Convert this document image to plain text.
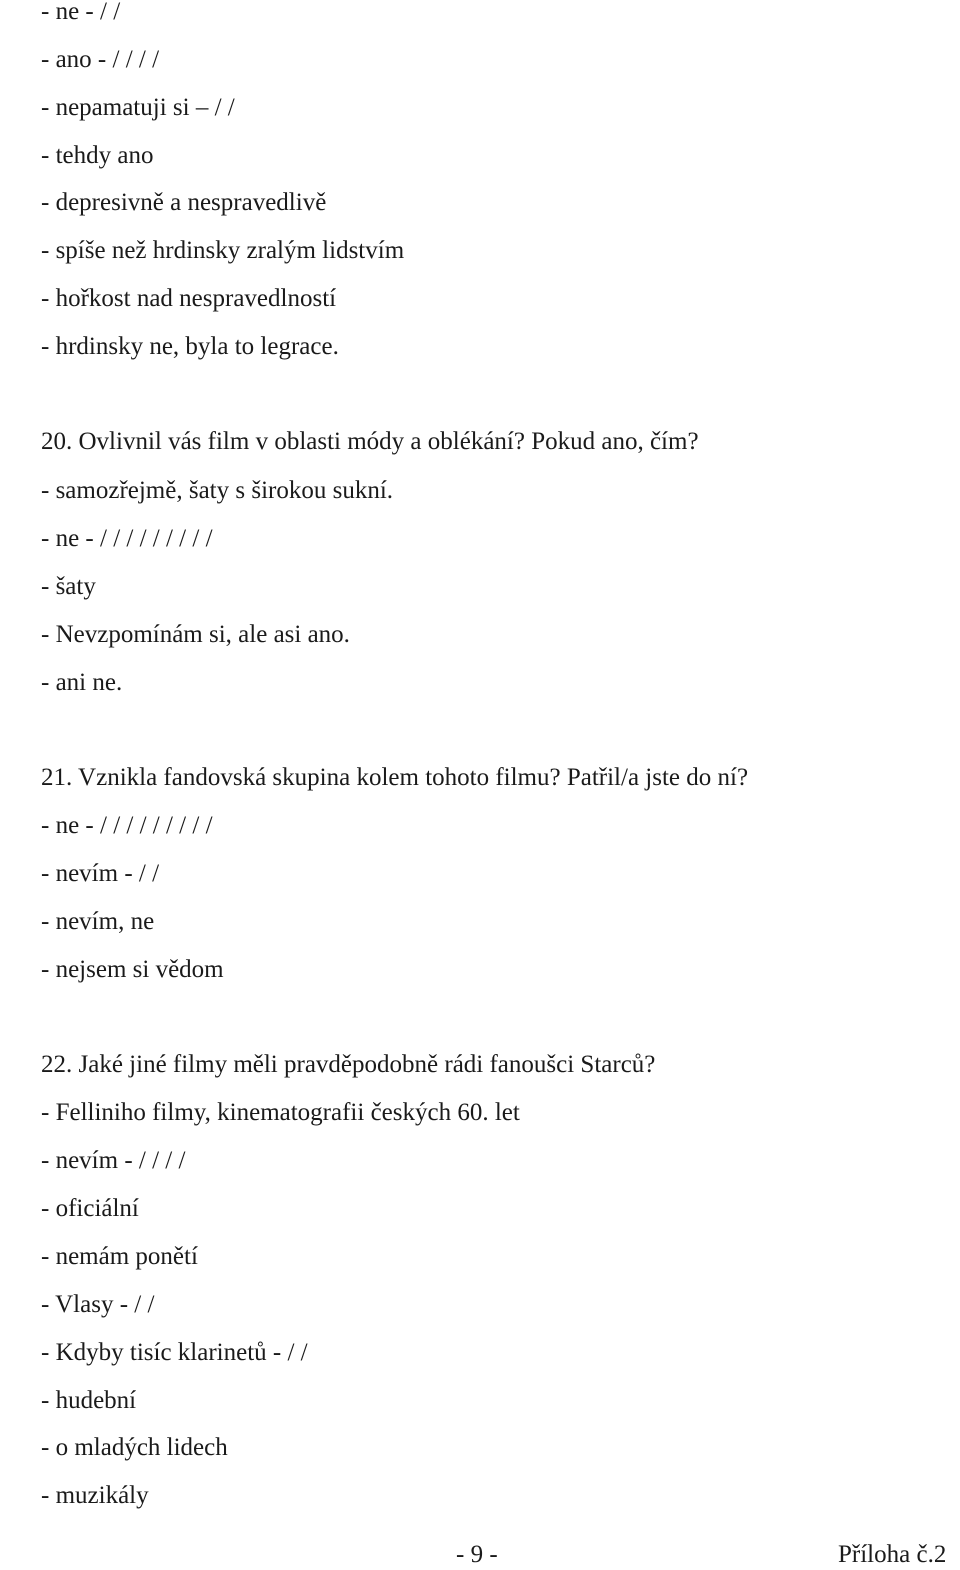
- ne - / /
- ano - / / / /
- nepamatuji si – / /
- tehdy ano
- depresivně a nespravedlivě
- spíše než hrdinsky zralým lidstvím
- hořkost nad nespravedlností
- hrdinsky ne, byla to legrace.
20. Ovlivnil vás film v oblasti módy a oblékání? Pokud ano, čím?
- samozřejmě, šaty s širokou sukní.
- ne - / / / / / / / / /
- šaty
- Nevzpomínám si, ale asi ano.
- ani ne.
21. Vznikla fandovská skupina kolem tohoto filmu? Patřil/a jste do ní?
- ne - / / / / / / / / /
- nevím - / /
- nevím, ne
- nejsem si vědom
22. Jaké jiné filmy měli pravděpodobně rádi fanoušci Starců?
- Felliniho filmy, kinematografii českých 60. let
- nevím - / / / /
- oficiální
- nemám ponětí
- Vlasy - / /
- Kdyby tisíc klarinetů - / /
- hudební
- o mladých lidech
- muzikály
- 9 -	Příloha č.2
